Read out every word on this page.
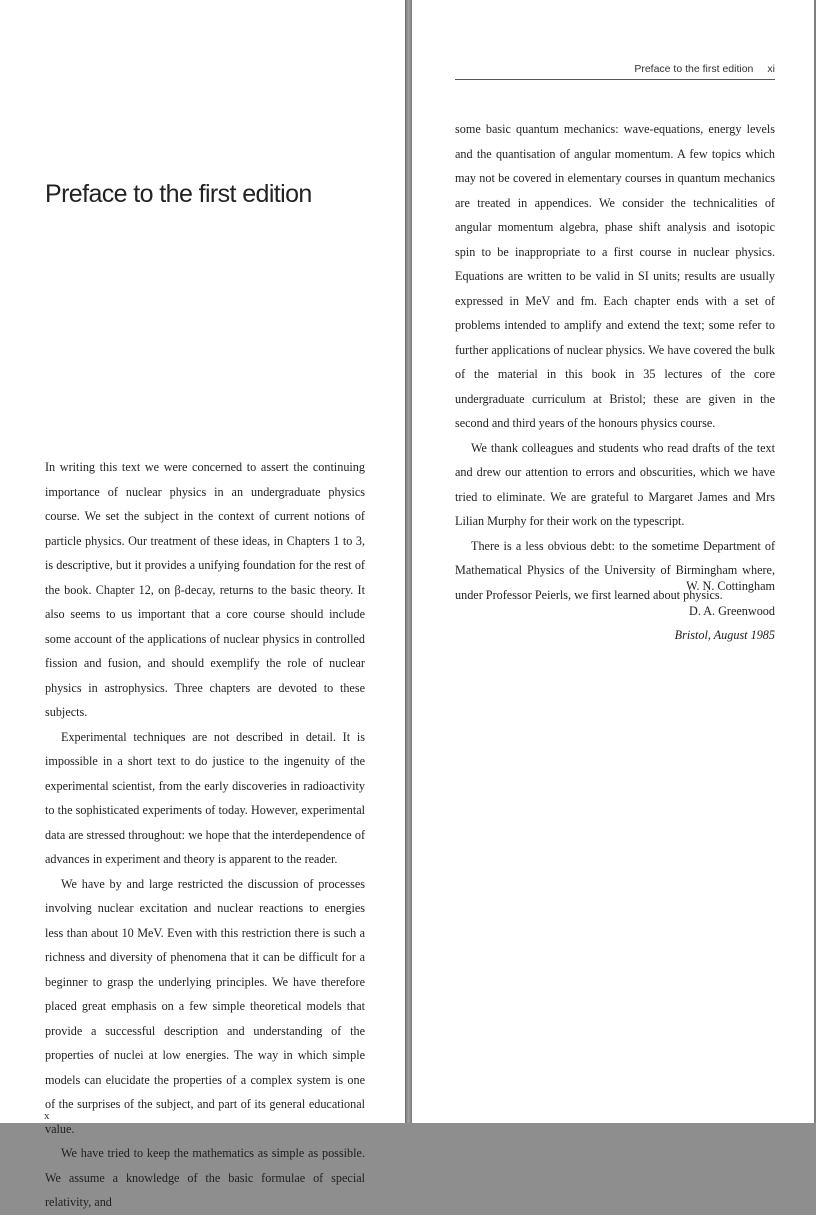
Preface to the first edition

In writing this text we were concerned to assert the continuing importance of nuclear physics in an undergraduate physics course. We set the subject in the context of current notions of particle physics. Our treatment of these ideas, in Chapters 1 to 3, is descriptive, but it provides a unifying foundation for the rest of the book. Chapter 12, on β-decay, returns to the basic theory. It also seems to us important that a core course should include some account of the applications of nuclear physics in controlled fission and fusion, and should exemplify the role of nuclear physics in astrophysics. Three chapters are devoted to these subjects.

Experimental techniques are not described in detail. It is impossible in a short text to do justice to the ingenuity of the experimental scientist, from the early discoveries in radioactivity to the sophisticated experiments of today. However, experimental data are stressed throughout: we hope that the interdependence of advances in experiment and theory is apparent to the reader.

We have by and large restricted the discussion of processes involving nuclear excitation and nuclear reactions to energies less than about 10 MeV. Even with this restriction there is such a richness and diversity of phenomena that it can be difficult for a beginner to grasp the underlying principles. We have therefore placed great emphasis on a few simple theoretical models that provide a successful description and understanding of the properties of nuclei at low energies. The way in which simple models can elucidate the properties of a complex system is one of the surprises of the subject, and part of its general educational value.

We have tried to keep the mathematics as simple as possible. We assume a knowledge of the basic formulae of special relativity, and

x
Preface to the first edition xi

some basic quantum mechanics: wave-equations, energy levels and the quantisation of angular momentum. A few topics which may not be covered in elementary courses in quantum mechanics are treated in appendices. We consider the technicalities of angular momentum algebra, phase shift analysis and isotopic spin to be inappropriate to a first course in nuclear physics. Equations are written to be valid in SI units; results are usually expressed in MeV and fm. Each chapter ends with a set of problems intended to amplify and extend the text; some refer to further applications of nuclear physics. We have covered the bulk of the material in this book in 35 lectures of the core undergraduate curriculum at Bristol; these are given in the second and third years of the honours physics course.

We thank colleagues and students who read drafts of the text and drew our attention to errors and obscurities, which we have tried to eliminate. We are grateful to Margaret James and Mrs Lilian Murphy for their work on the typescript.

There is a less obvious debt: to the sometime Department of Mathematical Physics of the University of Birmingham where, under Professor Peierls, we first learned about physics.

W. N. Cottingham
D. A. Greenwood
Bristol, August 1985
